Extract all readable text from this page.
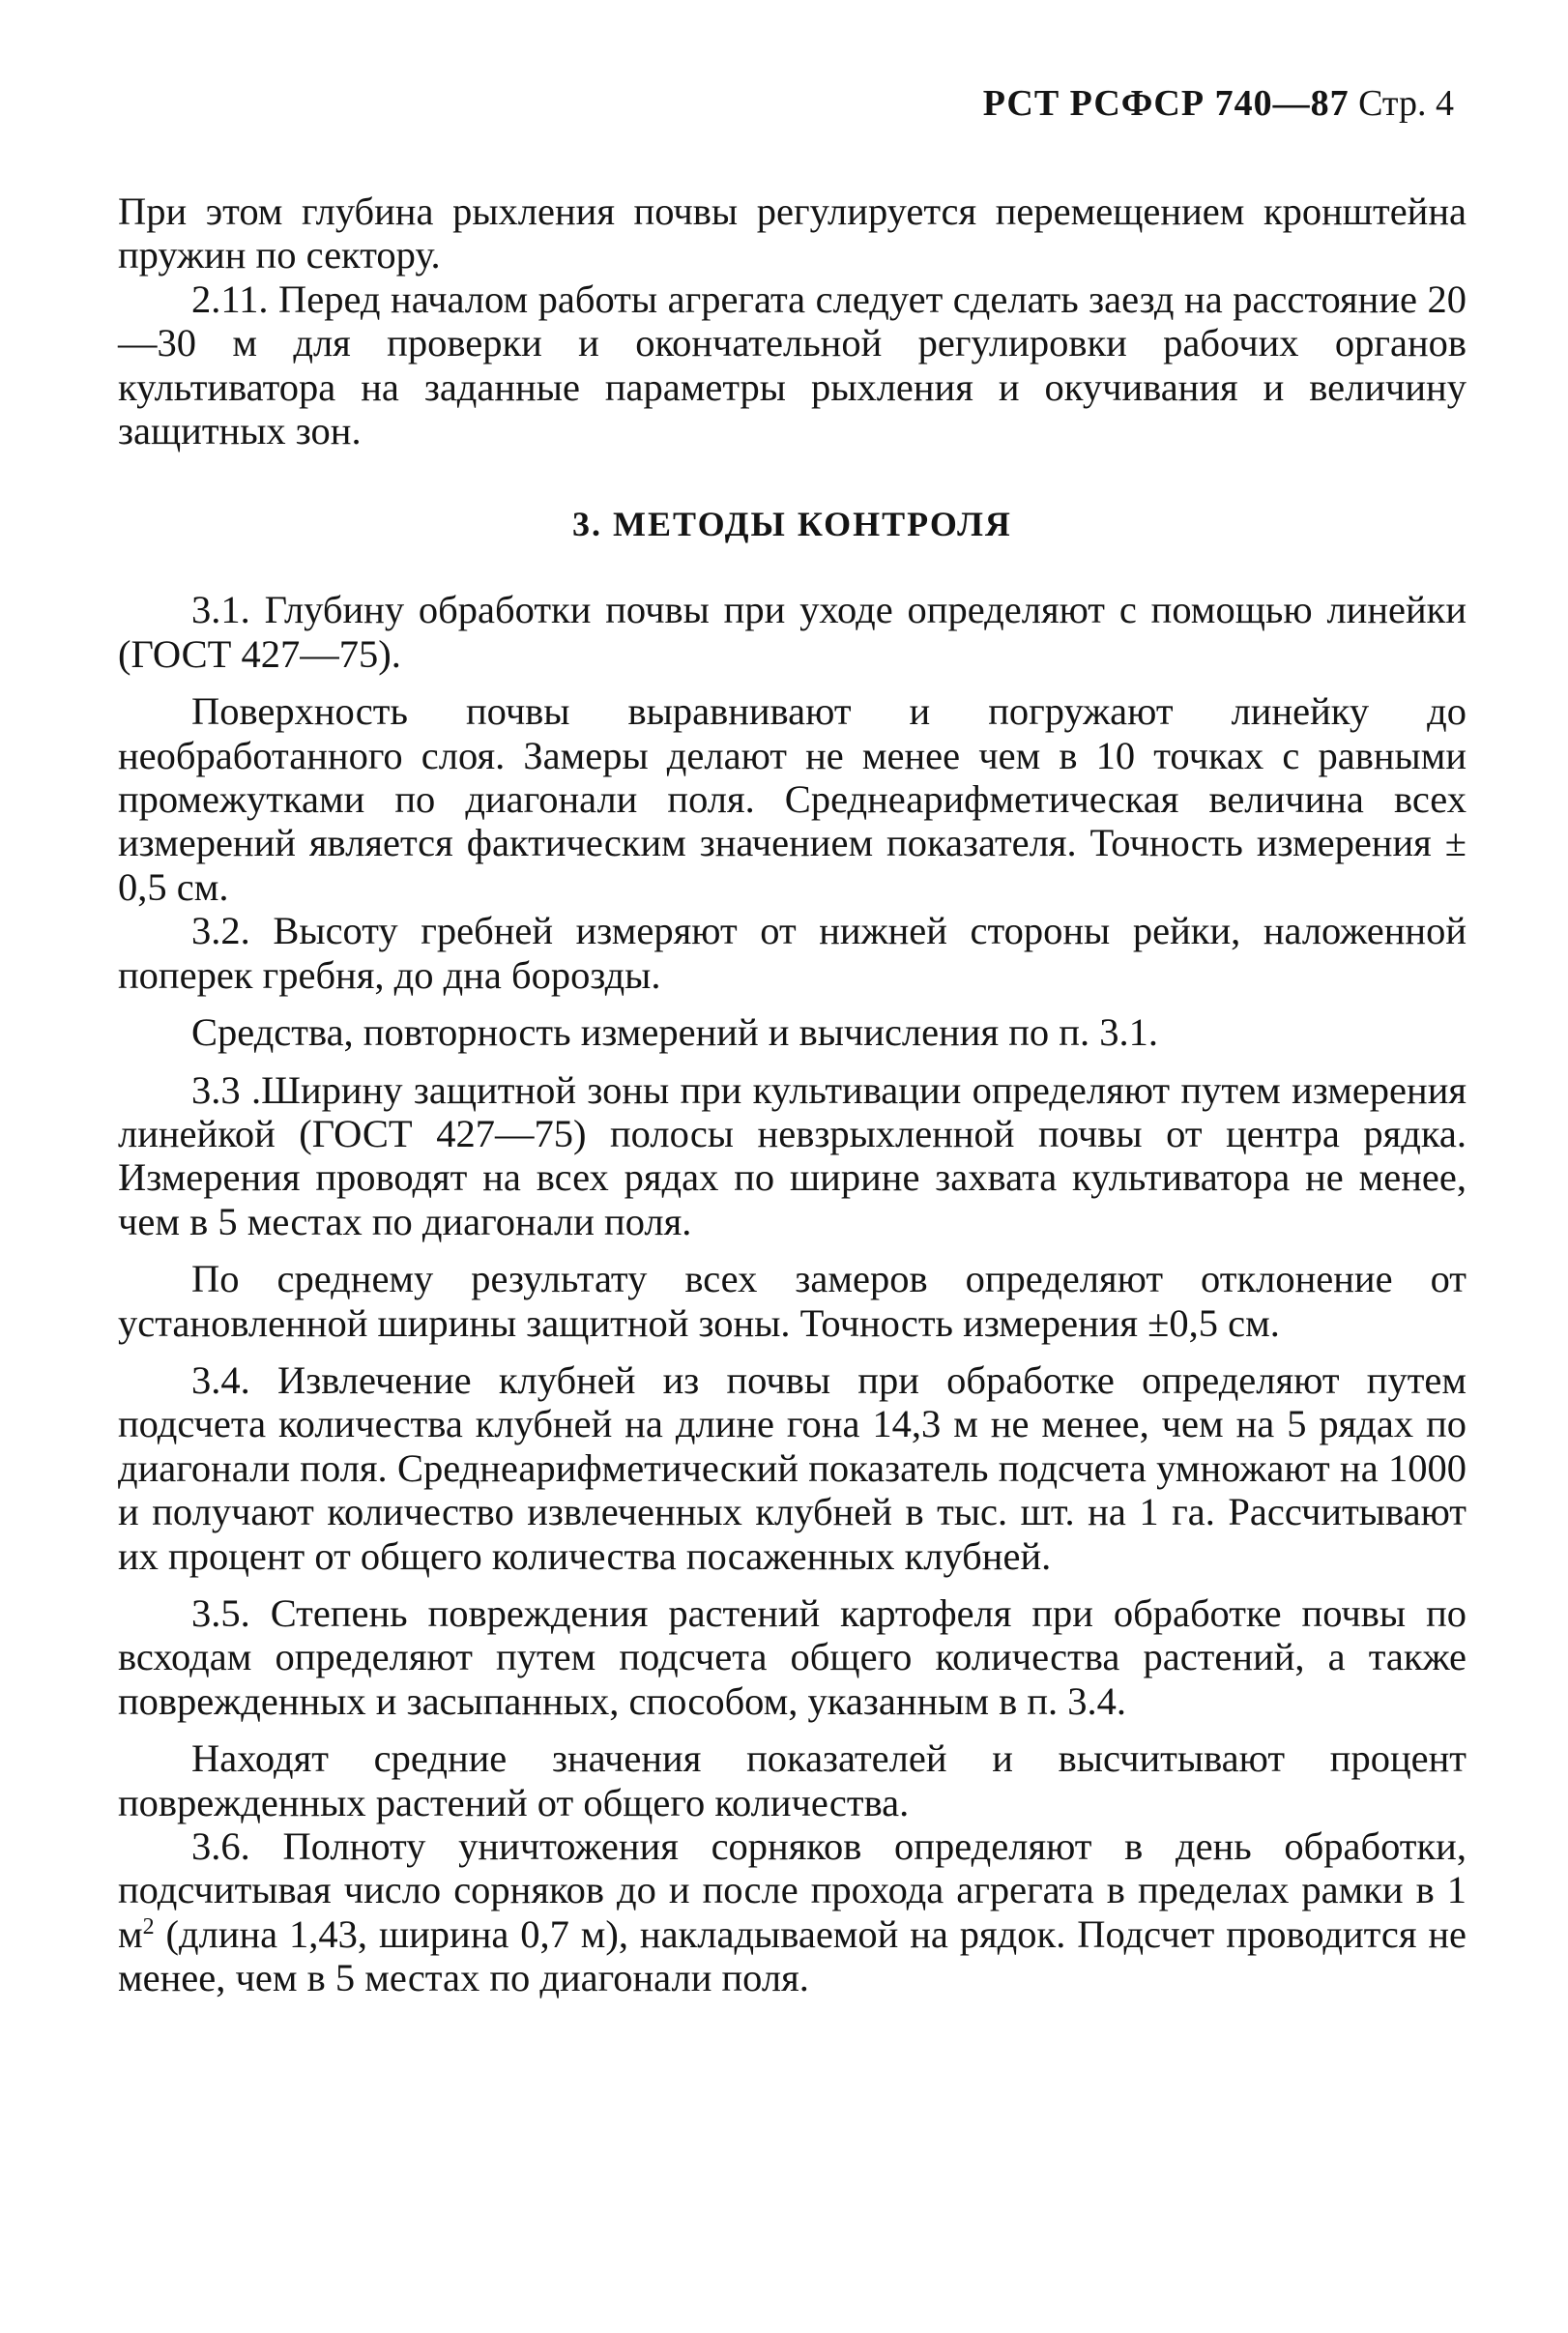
РСТ РСФСР 740—87 Стр. 4

При этом глубина рыхления почвы регулируется перемещением кронштейна пружин по сектору.

2.11. Перед началом работы агрегата следует сделать заезд на расстояние 20—30 м для проверки и окончательной регулировки рабочих органов культиватора на заданные параметры рыхления и окучивания и величину защитных зон.

3. МЕТОДЫ КОНТРОЛЯ

3.1. Глубину обработки почвы при уходе определяют с помощью линейки (ГОСТ 427—75).

Поверхность почвы выравнивают и погружают линейку до необработанного слоя. Замеры делают не менее чем в 10 точках с равными промежутками по диагонали поля. Среднеарифметическая величина всех измерений является фактическим значением показателя. Точность измерения ± 0,5 см.

3.2. Высоту гребней измеряют от нижней стороны рейки, наложенной поперек гребня, до дна борозды.

Средства, повторность измерений и вычисления по п. 3.1.

3.3 .Ширину защитной зоны при культивации определяют путем измерения линейкой (ГОСТ 427—75) полосы невзрыхленной почвы от центра рядка. Измерения проводят на всех рядах по ширине захвата культиватора не менее, чем в 5 местах по диагонали поля.

По среднему результату всех замеров определяют отклонение от установленной ширины защитной зоны. Точность измерения ±0,5 см.

3.4. Извлечение клубней из почвы при обработке определяют путем подсчета количества клубней на длине гона 14,3 м не менее, чем на 5 рядах по диагонали поля. Среднеарифметический показатель подсчета умножают на 1000 и получают количество извлеченных клубней в тыс. шт. на 1 га. Рассчитывают их процент от общего количества посаженных клубней.

3.5. Степень повреждения растений картофеля при обработке почвы по всходам определяют путем подсчета общего количества растений, а также поврежденных и засыпанных, способом, указанным в п. 3.4.

Находят средние значения показателей и высчитывают процент поврежденных растений от общего количества.

3.6. Полноту уничтожения сорняков определяют в день обработки, подсчитывая число сорняков до и после прохода агрегата в пределах рамки в 1 $м^2$ (длина 1,43, ширина 0,7 м), накладываемой на рядок. Подсчет проводится не менее, чем в 5 местах по диагонали поля.
